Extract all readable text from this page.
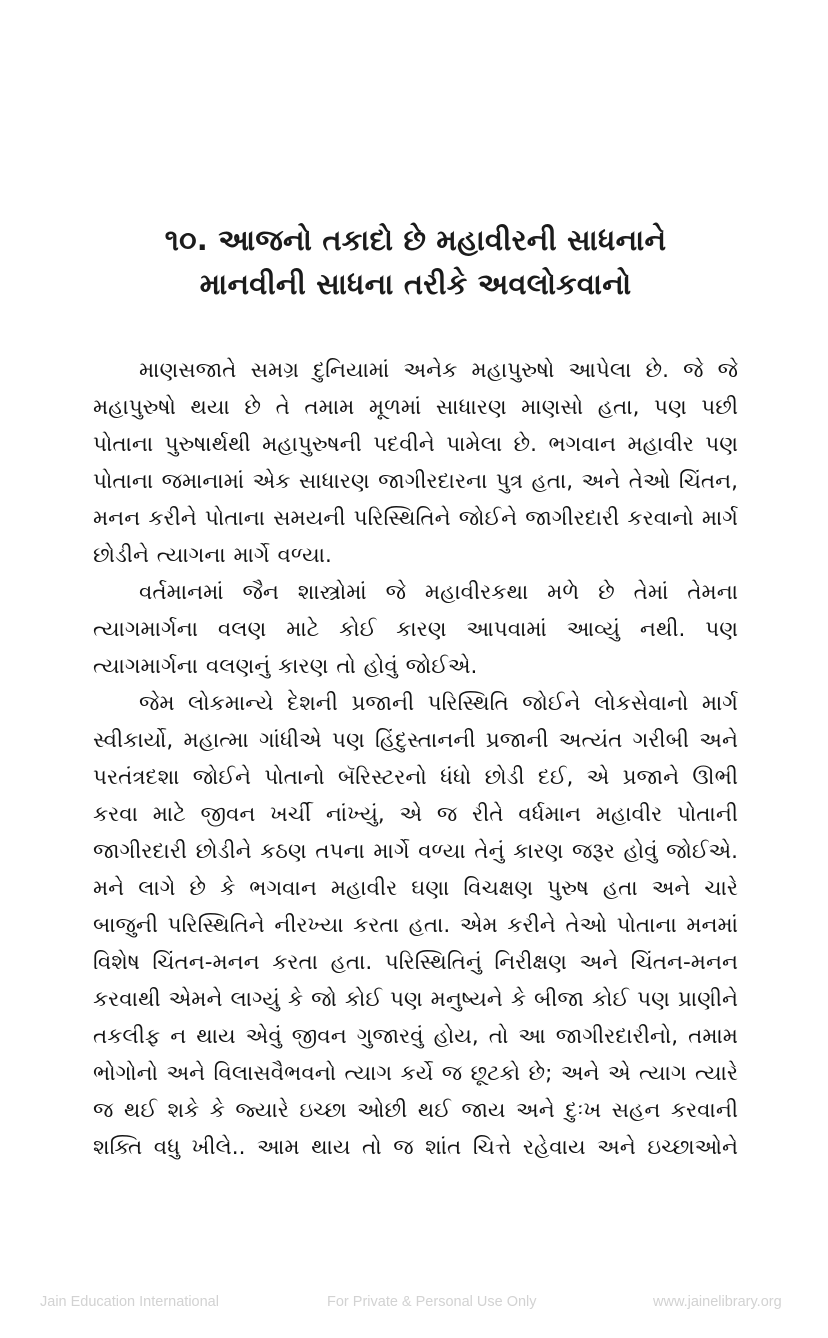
૧૦. આજનો તકાદો છે મહાવીરની સાધનાને
માનવીની સાધના તરીકે અવલોકવાનો

માણસજાતે સમગ્ર દુનિયામાં અનેક મહાપુરુષો આપેલા છે. જે જે મહાપુરુષો થયા છે તે તમામ મૂળમાં સાધારણ માણસો હતા, પણ પછી પોતાના પુરુષાર્થથી મહાપુરુષની પદવીને પામેલા છે. ભગવાન મહાવીર પણ પોતાના જમાનામાં એક સાધારણ જાગીરદારના પુત્ર હતા, અને તેઓ ચિંતન, મનન કરીને પોતાના સમયની પરિસ્થિતિને જોઈને જાગીરદારી કરવાનો માર્ગ છોડીને ત્યાગના માર્ગે વળ્યા.

વર્તમાનમાં જૈન શાસ્ત્રોમાં જે મહાવીરકથા મળે છે તેમાં તેમના ત્યાગમાર્ગના વલણ માટે કોઈ કારણ આપવામાં આવ્યું નથી. પણ ત્યાગમાર્ગના વલણનું કારણ તો હોવું જોઈએ.

જેમ લોકમાન્યે દેશની પ્રજાની પરિસ્થિતિ જોઈને લોકસેવાનો માર્ગ સ્વીકાર્યો, મહાત્મા ગાંધીએ પણ હિંદુસ્તાનની પ્રજાની અત્યંત ગરીબી અને પરતંત્રદશા જોઈને પોતાનો બૅરિસ્ટરનો ધંધો છોડી દઈ, એ પ્રજાને ઊભી કરવા માટે જીવન ખર્ચી નાંખ્યું, એ જ રીતે વર્ધમાન મહાવીર પોતાની જાગીરદારી છોડીને કઠણ તપના માર્ગે વળ્યા તેનું કારણ જરૂર હોવું જોઈએ. મને લાગે છે કે ભગવાન મહાવીર ઘણા વિચક્ષણ પુરુષ હતા અને ચારે બાજુની પરિસ્થિતિને નીરખ્યા કરતા હતા. એમ કરીને તેઓ પોતાના મનમાં વિશેષ ચિંતન-મનન કરતા હતા. પરિસ્થિતિનું નિરીક્ષણ અને ચિંતન-મનન કરવાથી એમને લાગ્યું કે જો કોઈ પણ મનુષ્યને કે બીજા કોઈ પણ પ્રાણીને તકલીફ ન થાય એવું જીવન ગુજારવું હોય, તો આ જાગીરદારીનો, તમામ ભોગોનો અને વિલાસવૈભવનો ત્યાગ કર્યે જ છૂટકો છે; અને એ ત્યાગ ત્યારે જ થઈ શકે કે જ્યારે ઇચ્છા ઓછી થઈ જાય અને દુઃખ સહન કરવાની શક્તિ વધુ ખીલે.. આમ થાય તો જ શાંત ચિત્તે રહેવાય અને ઇચ્છાઓને

Jain Education International	For Private & Personal Use Only	www.jainelibrary.org
